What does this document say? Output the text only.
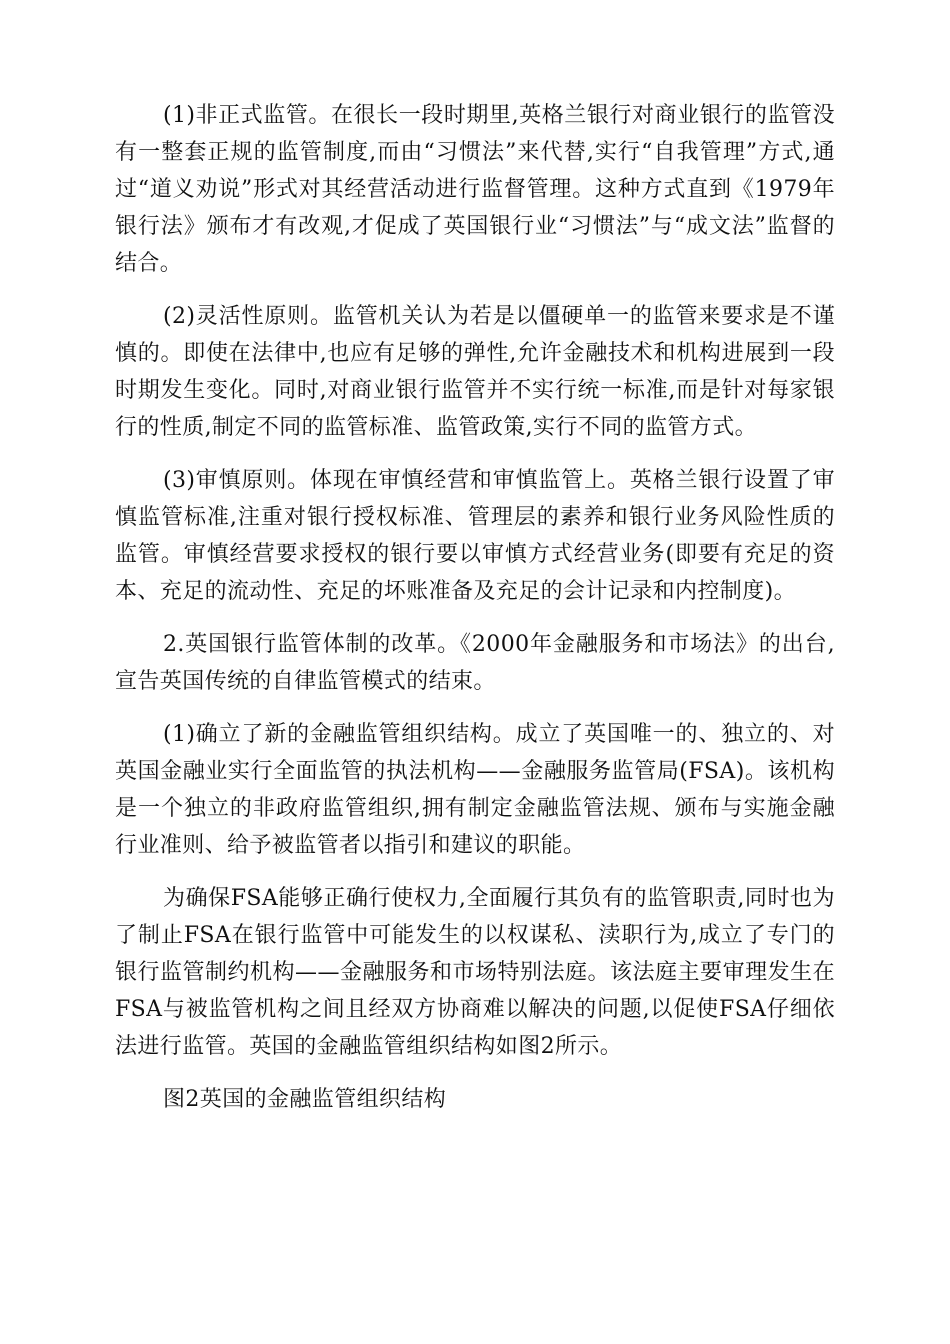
(1)非正式监管。在很长一段时期里,英格兰银行对商业银行的监管没有一整套正规的监管制度,而由“习惯法”来代替,实行“自我管理”方式,通过“道义劝说”形式对其经营活动进行监督管理。这种方式直到《1979年银行法》颁布才有改观,才促成了英国银行业“习惯法”与“成文法”监督的结合。

(2)灵活性原则。监管机关认为若是以僵硬单一的监管来要求是不谨慎的。即使在法律中,也应有足够的弹性,允许金融技术和机构进展到一段时期发生变化。同时,对商业银行监管并不实行统一标准,而是针对每家银行的性质,制定不同的监管标准、监管政策,实行不同的监管方式。

(3)审慎原则。体现在审慎经营和审慎监管上。英格兰银行设置了审慎监管标准,注重对银行授权标准、管理层的素养和银行业务风险性质的监管。审慎经营要求授权的银行要以审慎方式经营业务(即要有充足的资本、充足的流动性、充足的坏账准备及充足的会计记录和内控制度)。

2.英国银行监管体制的改革。《2000年金融服务和市场法》的出台,宣告英国传统的自律监管模式的结束。

(1)确立了新的金融监管组织结构。成立了英国唯一的、独立的、对英国金融业实行全面监管的执法机构——金融服务监管局(FSA)。该机构是一个独立的非政府监管组织,拥有制定金融监管法规、颁布与实施金融行业准则、给予被监管者以指引和建议的职能。

为确保FSA能够正确行使权力,全面履行其负有的监管职责,同时也为了制止FSA在银行监管中可能发生的以权谋私、渎职行为,成立了专门的银行监管制约机构——金融服务和市场特别法庭。该法庭主要审理发生在FSA与被监管机构之间且经双方协商难以解决的问题,以促使FSA仔细依法进行监管。英国的金融监管组织结构如图2所示。

图2英国的金融监管组织结构
